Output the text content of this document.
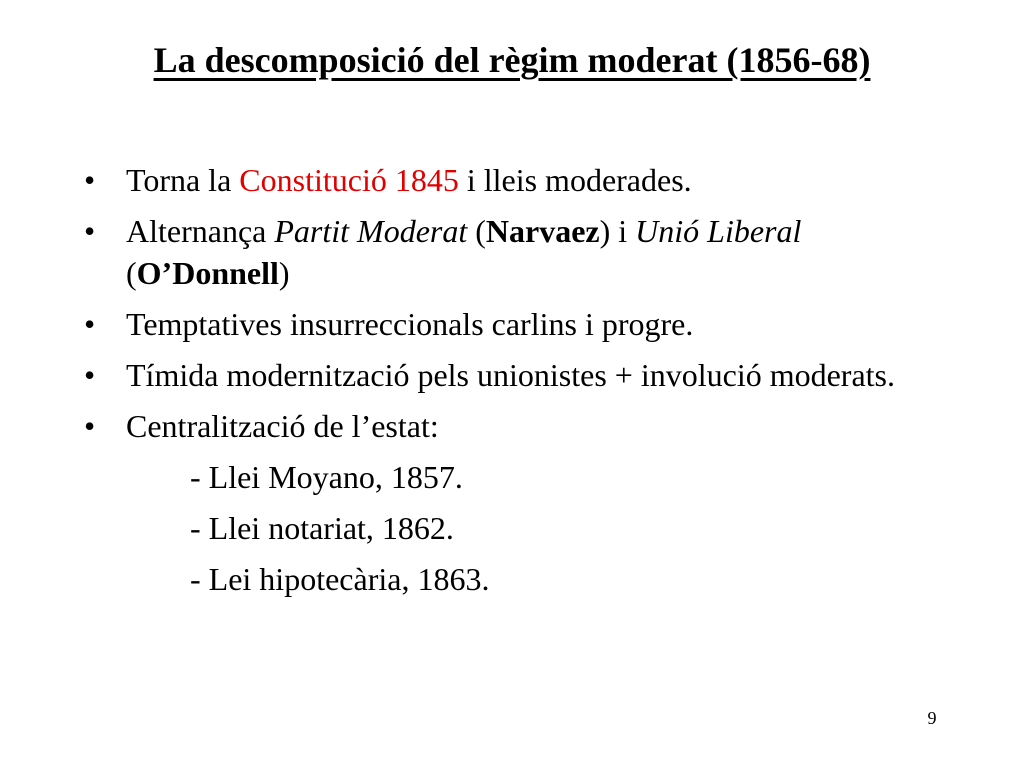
La descomposició del règim moderat (1856-68)
• Torna la Constitució 1845 i lleis moderades.
• Alternança Partit Moderat (Narvaez) i Unió Liberal (O’Donnell)
• Temptatives insurreccionals carlins i progre.
• Tímida modernització pels unionistes + involució moderats.
• Centralització de l’estat:
- Llei Moyano, 1857.
- Llei notariat, 1862.
- Lei hipotecària, 1863.
9
